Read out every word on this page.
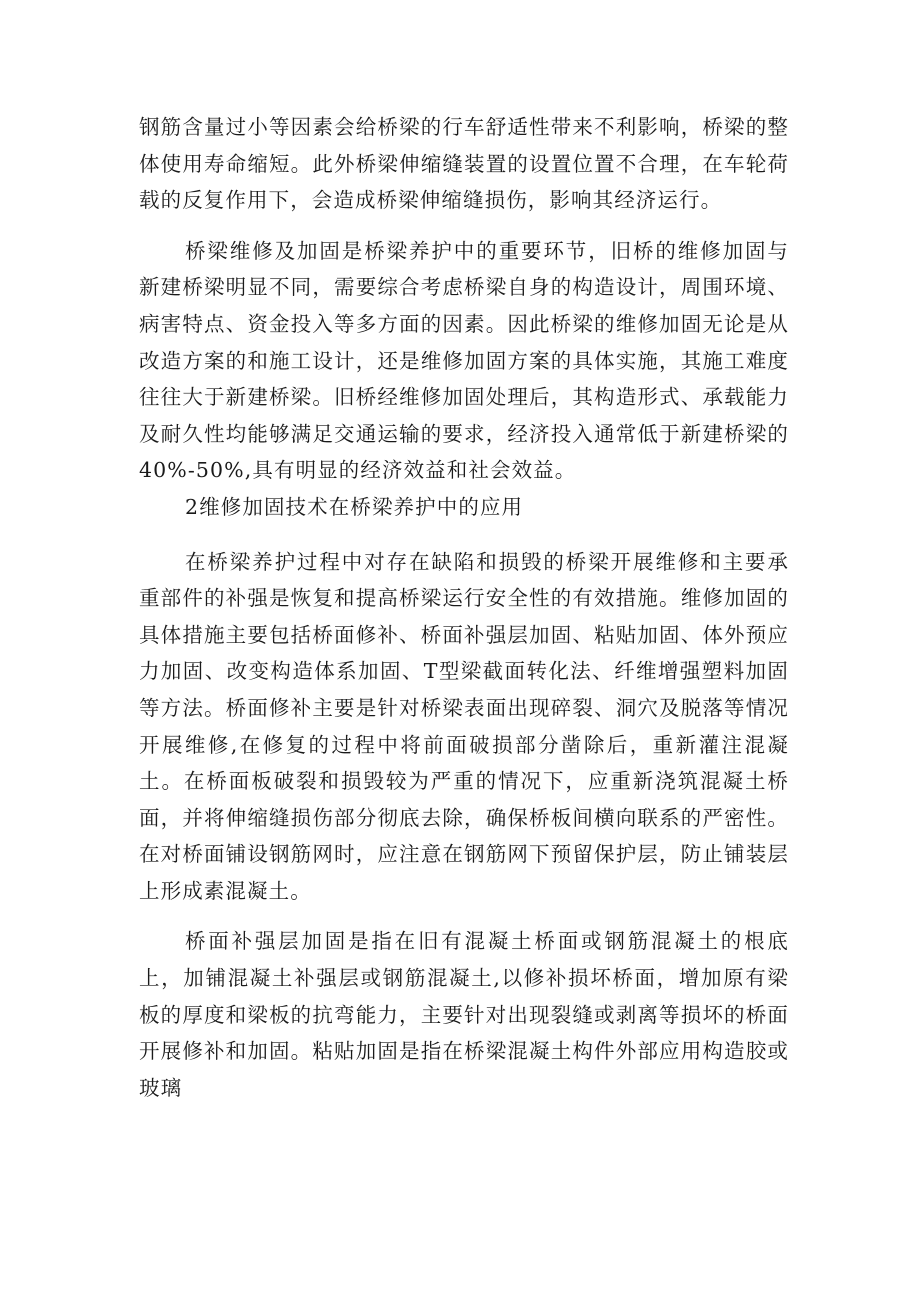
钢筋含量过小等因素会给桥梁的行车舒适性带来不利影响，桥梁的整体使用寿命缩短。此外桥梁伸缩缝装置的设置位置不合理，在车轮荷载的反复作用下，会造成桥梁伸缩缝损伤，影响其经济运行。

桥梁维修及加固是桥梁养护中的重要环节，旧桥的维修加固与新建桥梁明显不同，需要综合考虑桥梁自身的构造设计，周围环境、病害特点、资金投入等多方面的因素。因此桥梁的维修加固无论是从改造方案的和施工设计，还是维修加固方案的具体实施，其施工难度往往大于新建桥梁。旧桥经维修加固处理后，其构造形式、承载能力及耐久性均能够满足交通运输的要求，经济投入通常低于新建桥梁的40%-50%,具有明显的经济效益和社会效益。

2维修加固技术在桥梁养护中的应用

在桥梁养护过程中对存在缺陷和损毁的桥梁开展维修和主要承重部件的补强是恢复和提高桥梁运行安全性的有效措施。维修加固的具体措施主要包括桥面修补、桥面补强层加固、粘贴加固、体外预应力加固、改变构造体系加固、T型梁截面转化法、纤维增强塑料加固等方法。桥面修补主要是针对桥梁表面出现碎裂、洞穴及脱落等情况开展维修,在修复的过程中将前面破损部分凿除后，重新灌注混凝土。在桥面板破裂和损毁较为严重的情况下，应重新浇筑混凝土桥面，并将伸缩缝损伤部分彻底去除，确保桥板间横向联系的严密性。在对桥面铺设钢筋网时，应注意在钢筋网下预留保护层，防止铺装层上形成素混凝土。

桥面补强层加固是指在旧有混凝土桥面或钢筋混凝土的根底上，加铺混凝土补强层或钢筋混凝土,以修补损坏桥面，增加原有梁板的厚度和梁板的抗弯能力，主要针对出现裂缝或剥离等损坏的桥面开展修补和加固。粘贴加固是指在桥梁混凝土构件外部应用构造胶或玻璃
